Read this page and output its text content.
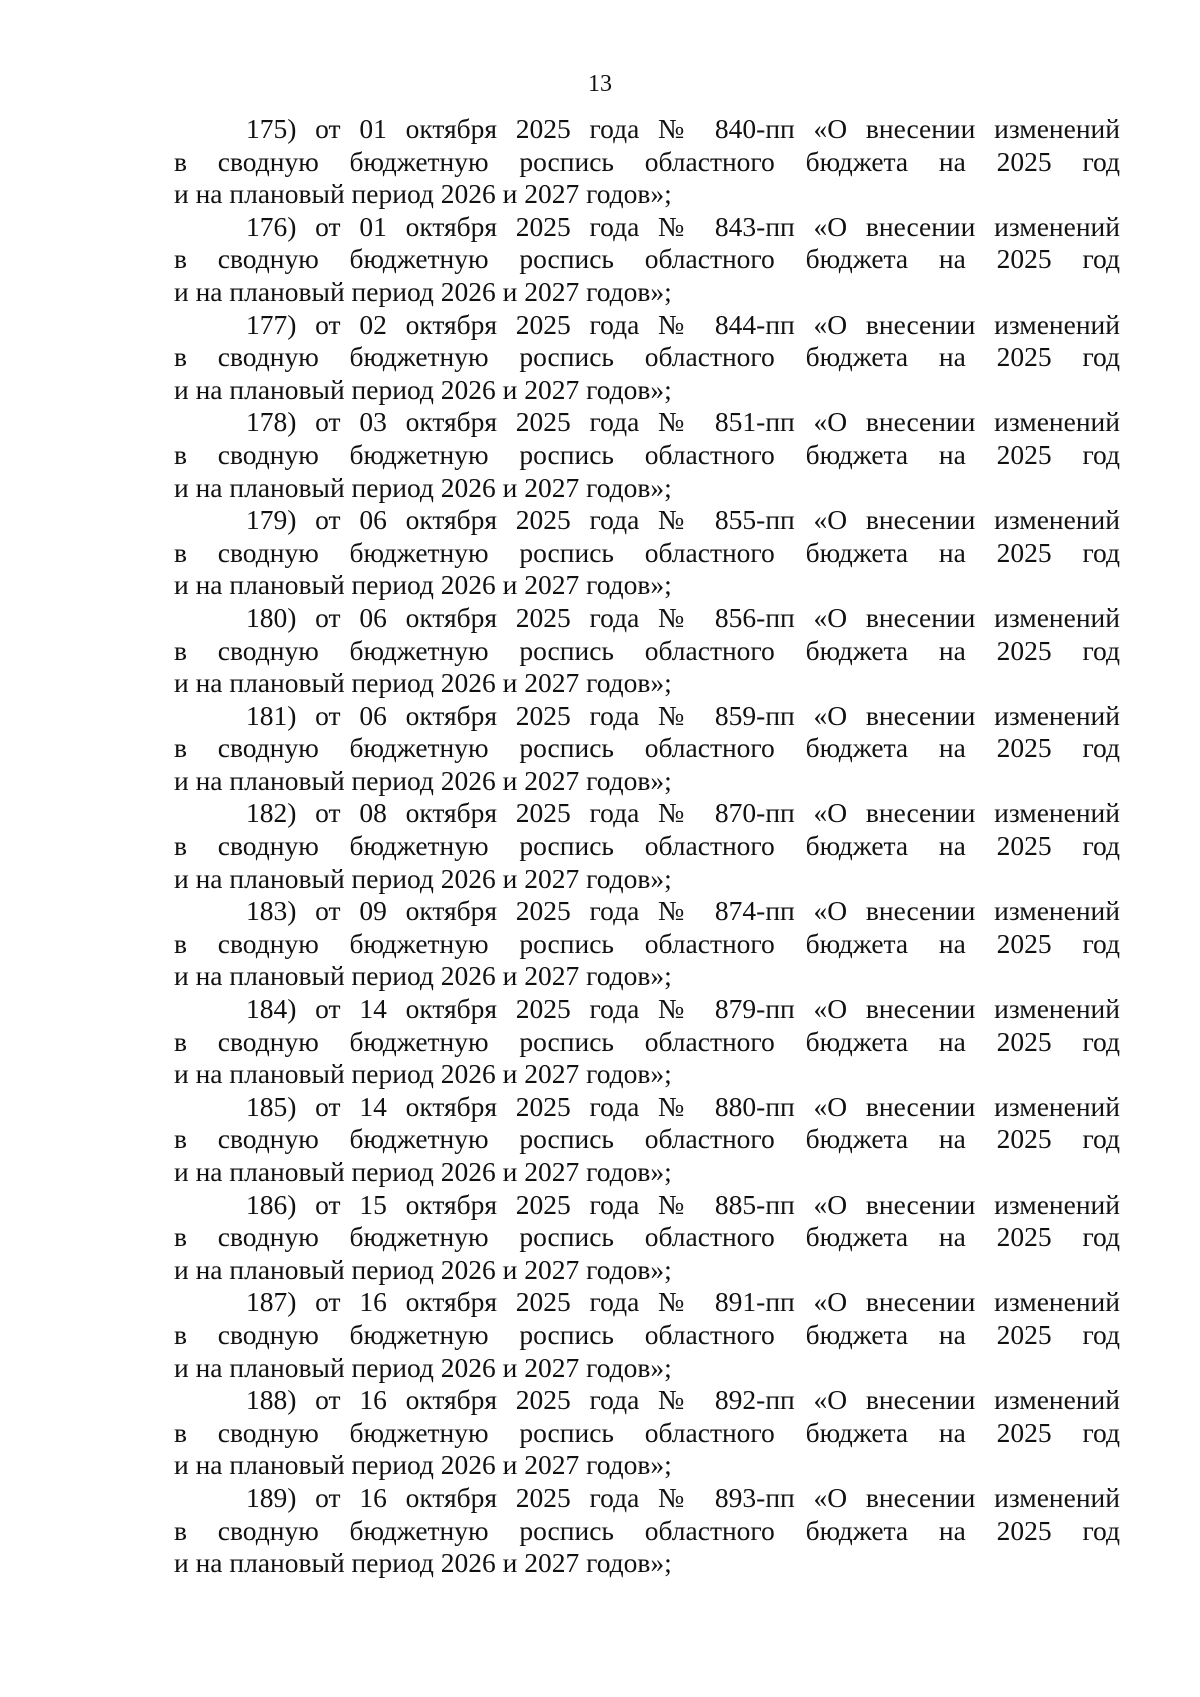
13

175) от 01 октября 2025 года № 840-пп «О внесении изменений
в сводную бюджетную роспись областного бюджета на 2025 год
и на плановый период 2026 и 2027 годов»;

176) от 01 октября 2025 года № 843-пп «О внесении изменений
в сводную бюджетную роспись областного бюджета на 2025 год
и на плановый период 2026 и 2027 годов»;

177) от 02 октября 2025 года № 844-пп «О внесении изменений
в сводную бюджетную роспись областного бюджета на 2025 год
и на плановый период 2026 и 2027 годов»;

178) от 03 октября 2025 года № 851-пп «О внесении изменений
в сводную бюджетную роспись областного бюджета на 2025 год
и на плановый период 2026 и 2027 годов»;

179) от 06 октября 2025 года № 855-пп «О внесении изменений
в сводную бюджетную роспись областного бюджета на 2025 год
и на плановый период 2026 и 2027 годов»;

180) от 06 октября 2025 года № 856-пп «О внесении изменений
в сводную бюджетную роспись областного бюджета на 2025 год
и на плановый период 2026 и 2027 годов»;

181) от 06 октября 2025 года № 859-пп «О внесении изменений
в сводную бюджетную роспись областного бюджета на 2025 год
и на плановый период 2026 и 2027 годов»;

182) от 08 октября 2025 года № 870-пп «О внесении изменений
в сводную бюджетную роспись областного бюджета на 2025 год
и на плановый период 2026 и 2027 годов»;

183) от 09 октября 2025 года № 874-пп «О внесении изменений
в сводную бюджетную роспись областного бюджета на 2025 год
и на плановый период 2026 и 2027 годов»;

184) от 14 октября 2025 года № 879-пп «О внесении изменений
в сводную бюджетную роспись областного бюджета на 2025 год
и на плановый период 2026 и 2027 годов»;

185) от 14 октября 2025 года № 880-пп «О внесении изменений
в сводную бюджетную роспись областного бюджета на 2025 год
и на плановый период 2026 и 2027 годов»;

186) от 15 октября 2025 года № 885-пп «О внесении изменений
в сводную бюджетную роспись областного бюджета на 2025 год
и на плановый период 2026 и 2027 годов»;

187) от 16 октября 2025 года № 891-пп «О внесении изменений
в сводную бюджетную роспись областного бюджета на 2025 год
и на плановый период 2026 и 2027 годов»;

188) от 16 октября 2025 года № 892-пп «О внесении изменений
в сводную бюджетную роспись областного бюджета на 2025 год
и на плановый период 2026 и 2027 годов»;

189) от 16 октября 2025 года № 893-пп «О внесении изменений
в сводную бюджетную роспись областного бюджета на 2025 год
и на плановый период 2026 и 2027 годов»;
